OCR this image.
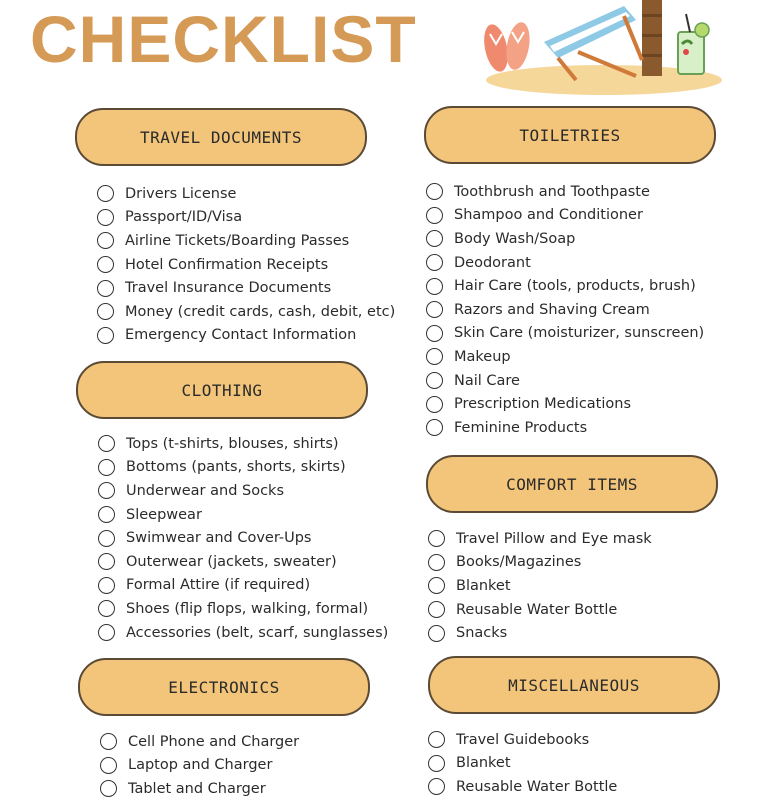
CHECKLIST
TRAVEL DOCUMENTS
Drivers License
Passport/ID/Visa
Airline Tickets/Boarding Passes
Hotel Confirmation Receipts
Travel Insurance Documents
Money (credit cards, cash, debit, etc)
Emergency Contact Information
TOILETRIES
Toothbrush and Toothpaste
Shampoo and Conditioner
Body Wash/Soap
Deodorant
Hair Care (tools, products, brush)
Razors and Shaving Cream
Skin Care (moisturizer, sunscreen)
Makeup
Nail Care
Prescription Medications
Feminine Products
CLOTHING
Tops (t-shirts, blouses, shirts)
Bottoms (pants, shorts, skirts)
Underwear and Socks
Sleepwear
Swimwear and Cover-Ups
Outerwear (jackets, sweater)
Formal Attire (if required)
Shoes (flip flops, walking, formal)
Accessories (belt, scarf, sunglasses)
COMFORT ITEMS
Travel Pillow and Eye mask
Books/Magazines
Blanket
Reusable Water Bottle
Snacks
ELECTRONICS
Cell Phone and Charger
Laptop and Charger
Tablet and Charger
MISCELLANEOUS
Travel Guidebooks
Blanket
Reusable Water Bottle
